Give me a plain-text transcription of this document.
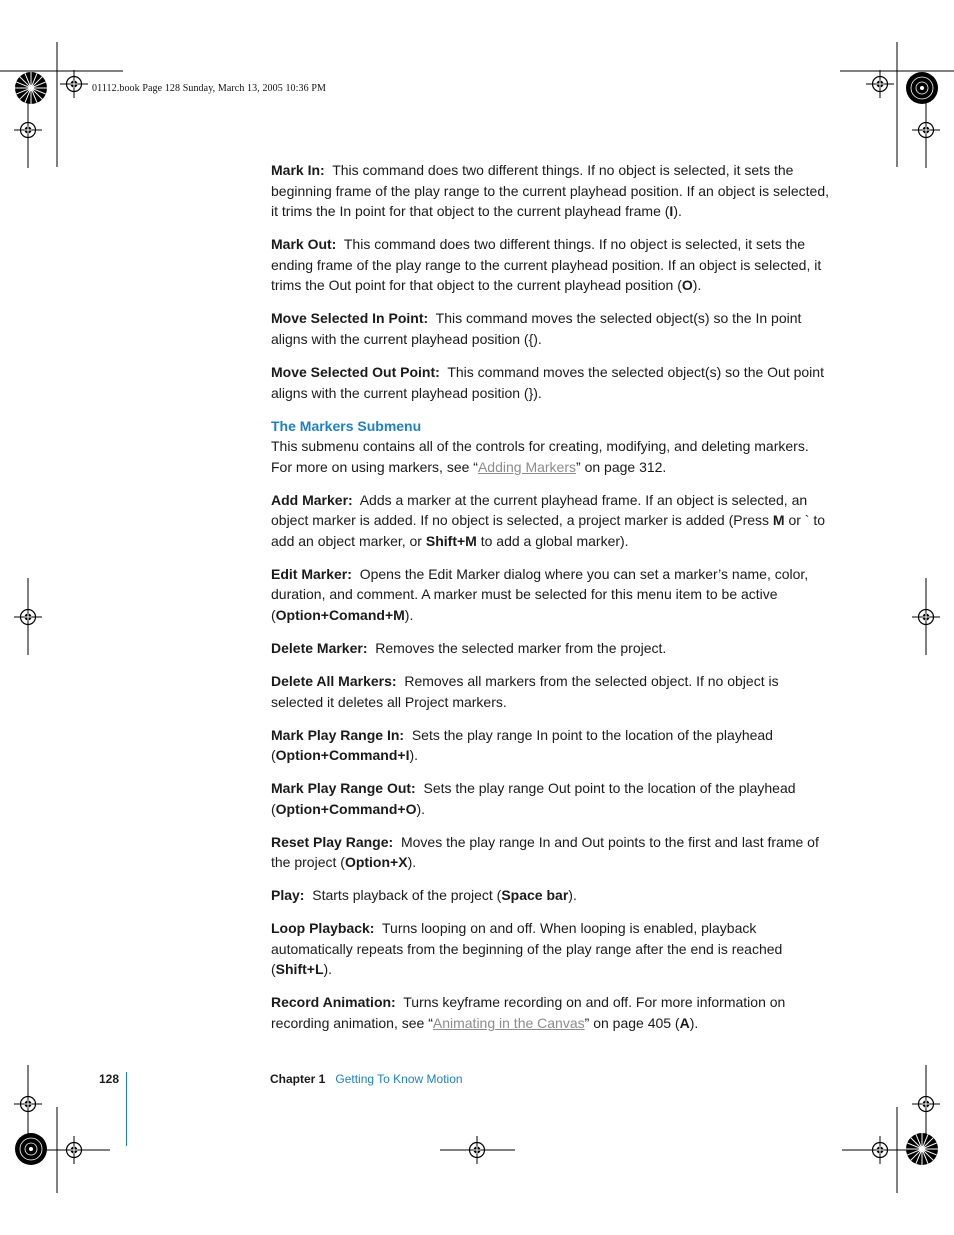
01112.book Page 128 Sunday, March 13, 2005 10:36 PM

Mark In: This command does two different things. If no object is selected, it sets the beginning frame of the play range to the current playhead position. If an object is selected, it trims the In point for that object to the current playhead frame (I).

Mark Out: This command does two different things. If no object is selected, it sets the ending frame of the play range to the current playhead position. If an object is selected, it trims the Out point for that object to the current playhead position (O).

Move Selected In Point: This command moves the selected object(s) so the In point aligns with the current playhead position ({).

Move Selected Out Point: This command moves the selected object(s) so the Out point aligns with the current playhead position (}).

The Markers Submenu

This submenu contains all of the controls for creating, modifying, and deleting markers. For more on using markers, see “Adding Markers” on page 312.

Add Marker: Adds a marker at the current playhead frame. If an object is selected, an object marker is added. If no object is selected, a project marker is added (Press M or ` to add an object marker, or Shift+M to add a global marker).

Edit Marker: Opens the Edit Marker dialog where you can set a marker’s name, color, duration, and comment. A marker must be selected for this menu item to be active (Option+Comand+M).

Delete Marker: Removes the selected marker from the project.

Delete All Markers: Removes all markers from the selected object. If no object is selected it deletes all Project markers.

Mark Play Range In: Sets the play range In point to the location of the playhead (Option+Command+I).

Mark Play Range Out: Sets the play range Out point to the location of the playhead (Option+Command+O).

Reset Play Range: Moves the play range In and Out points to the first and last frame of the project (Option+X).

Play: Starts playback of the project (Space bar).

Loop Playback: Turns looping on and off. When looping is enabled, playback automatically repeats from the beginning of the play range after the end is reached (Shift+L).

Record Animation: Turns keyframe recording on and off. For more information on recording animation, see “Animating in the Canvas” on page 405 (A).

128	Chapter 1 Getting To Know Motion
